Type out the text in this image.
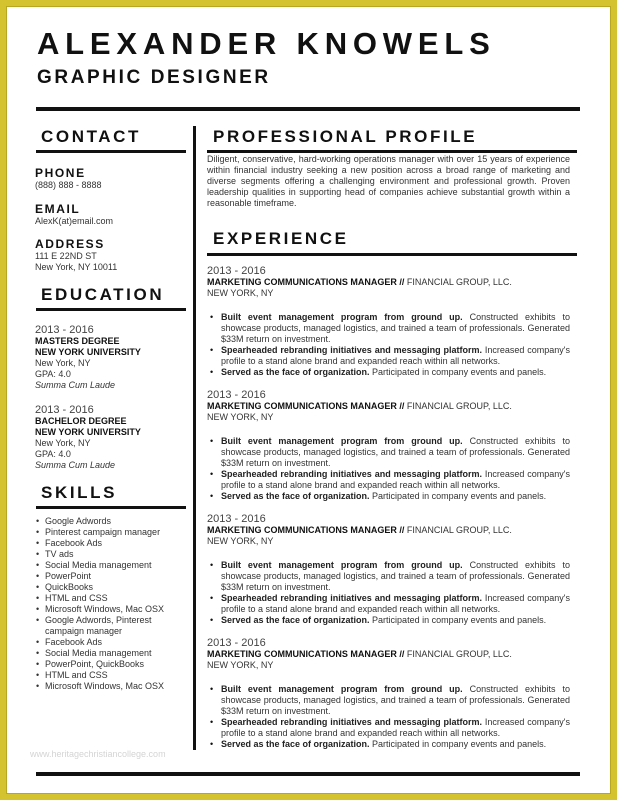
ALEXANDER KNOWELS
GRAPHIC DESIGNER
CONTACT
PHONE
(888) 888 - 8888
EMAIL
AlexK(at)email.com
ADDRESS
111 E 22ND ST
New York, NY 10011
EDUCATION
2013 - 2016
MASTERS DEGREE
NEW YORK UNIVERSITY
New York, NY
GPA: 4.0
Summa Cum Laude
2013 - 2016
BACHELOR DEGREE
NEW YORK UNIVERSITY
New York, NY
GPA: 4.0
Summa Cum Laude
SKILLS
• Google Adwords
• Pinterest campaign manager
• Facebook Ads
• TV ads
• Social Media management
• PowerPoint
• QuickBooks
• HTML and CSS
• Microsoft Windows, Mac OSX
• Google Adwords, Pinterest campaign manager
• Facebook Ads
• Social Media management
• PowerPoint, QuickBooks
• HTML and CSS
• Microsoft Windows, Mac OSX
PROFESSIONAL PROFILE
Diligent, conservative, hard-working operations manager with over 15 years of experience within financial industry seeking a new position across a broad range of marketing and diverse segments offering a challenging environment and professional growth. Proven leadership qualities in supporting head of companies achieve substantial growth within a reasonable timeframe.
EXPERIENCE
2013 - 2016
MARKETING COMMUNICATIONS MANAGER // FINANCIAL GROUP, LLC.
NEW YORK, NY
• Built event management program from ground up. Constructed exhibits to showcase products, managed logistics, and trained a team of professionals. Generated $33M return on investment.
• Spearheaded rebranding initiatives and messaging platform. Increased company's profile to a stand alone brand and expanded reach within all networks.
• Served as the face of organization. Participated in company events and panels.
2013 - 2016
MARKETING COMMUNICATIONS MANAGER // FINANCIAL GROUP, LLC.
NEW YORK, NY
• Built event management program from ground up. Constructed exhibits to showcase products, managed logistics, and trained a team of professionals. Generated $33M return on investment.
• Spearheaded rebranding initiatives and messaging platform. Increased company's profile to a stand alone brand and expanded reach within all networks.
• Served as the face of organization. Participated in company events and panels.
2013 - 2016
MARKETING COMMUNICATIONS MANAGER // FINANCIAL GROUP, LLC.
NEW YORK, NY
• Built event management program from ground up. Constructed exhibits to showcase products, managed logistics, and trained a team of professionals. Generated $33M return on investment.
• Spearheaded rebranding initiatives and messaging platform. Increased company's profile to a stand alone brand and expanded reach within all networks.
• Served as the face of organization. Participated in company events and panels.
2013 - 2016
MARKETING COMMUNICATIONS MANAGER // FINANCIAL GROUP, LLC.
NEW YORK, NY
• Built event management program from ground up. Constructed exhibits to showcase products, managed logistics, and trained a team of professionals. Generated $33M return on investment.
• Spearheaded rebranding initiatives and messaging platform. Increased company's profile to a stand alone brand and expanded reach within all networks.
• Served as the face of organization. Participated in company events and panels.
www.heritagechristiancollege.com
